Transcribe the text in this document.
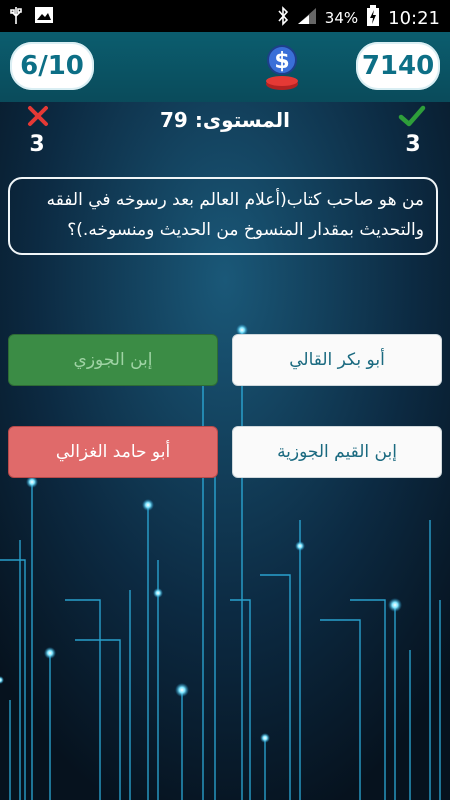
34% 10:21
6/10	$	7140
3
المستوى: 79
3
من هو صاحب كتاب(أعلام العالم بعد رسوخه في الفقه والتحديث بمقدار المنسوخ من الحديث ومنسوخه.)؟
أبو بكر القالي
إبن الجوزي
إبن القيم الجوزية
أبو حامد الغزالي
